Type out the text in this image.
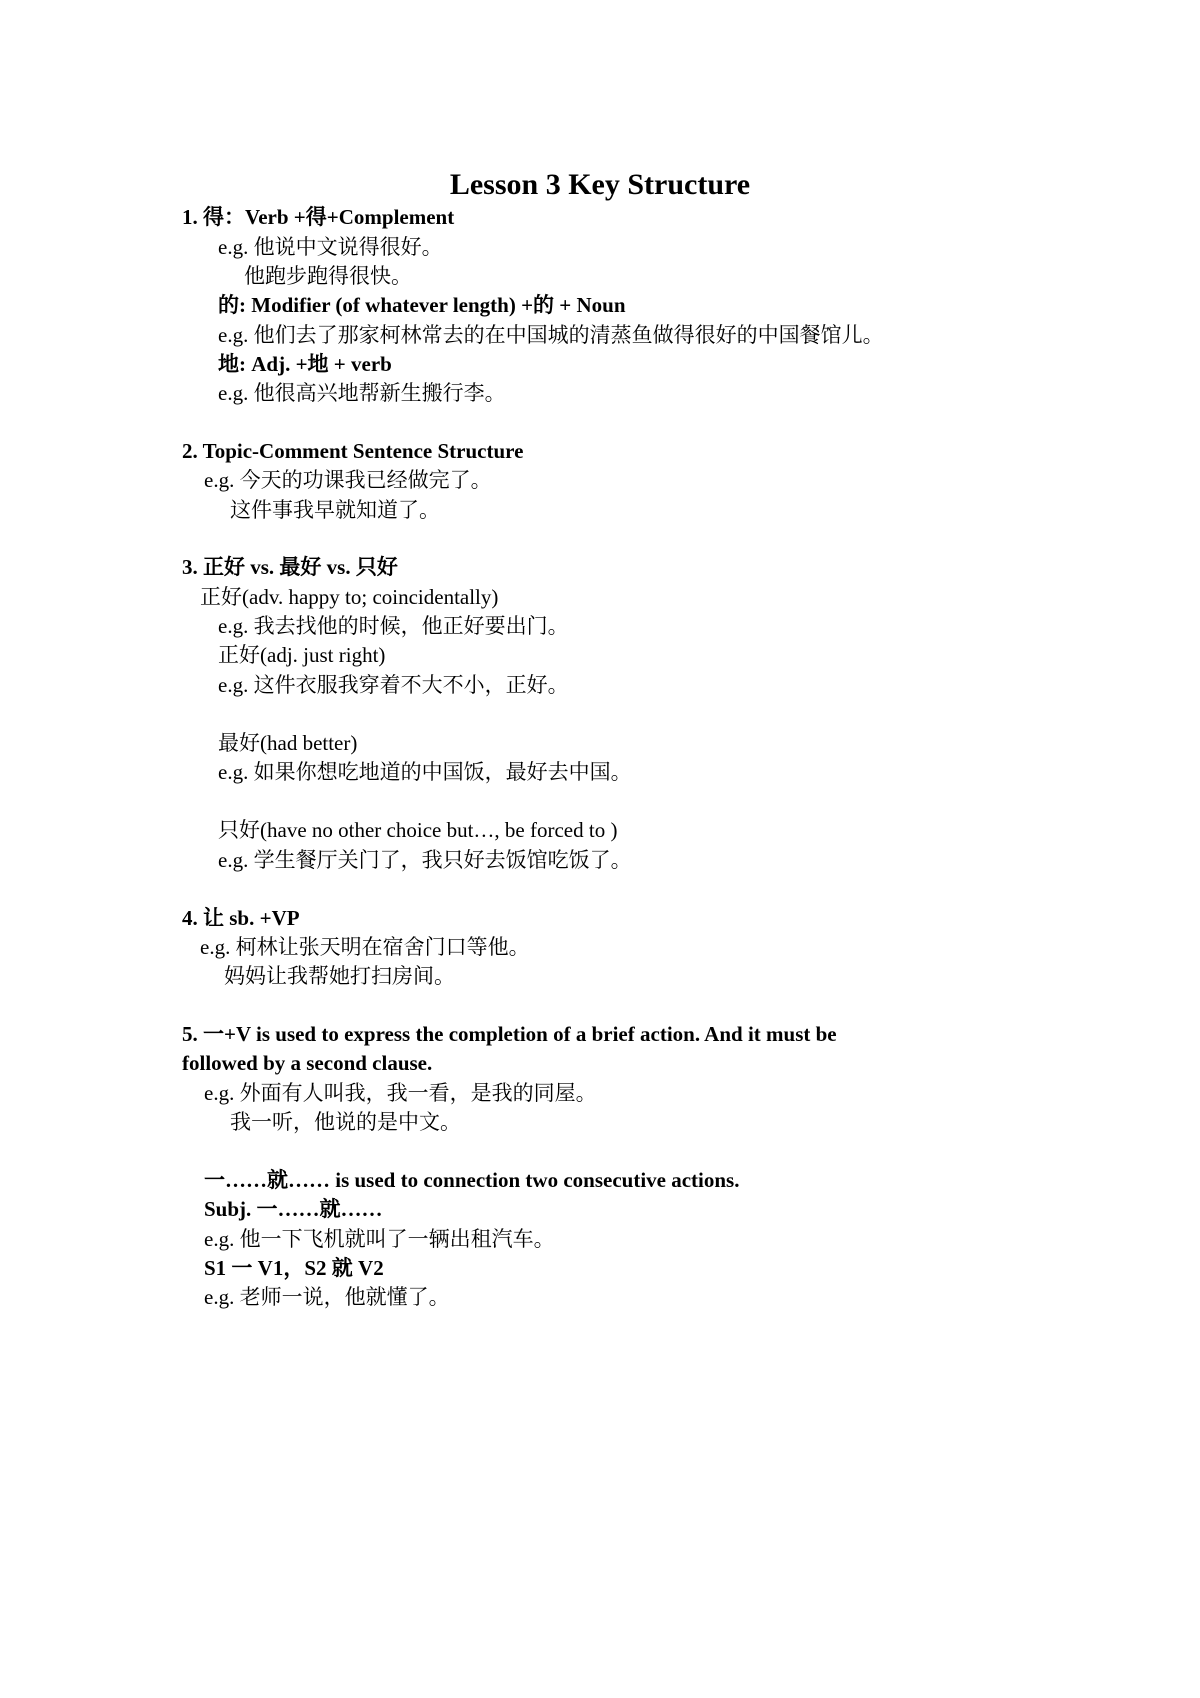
Lesson 3 Key Structure
1. 得：Verb +得+Complement
e.g. 他说中文说得很好。
他跑步跑得很快。
的: Modifier (of whatever length) +的 + Noun
e.g. 他们去了那家柯林常去的在中国城的清蒸鱼做得很好的中国餐馆儿。
地: Adj. +地 + verb
e.g. 他很高兴地帮新生搬行李。
2. Topic-Comment Sentence Structure
e.g. 今天的功课我已经做完了。
这件事我早就知道了。
3. 正好 vs. 最好 vs. 只好
正好(adv. happy to; coincidentally)
e.g. 我去找他的时候，他正好要出门。
正好(adj. just right)
e.g. 这件衣服我穿着不大不小，正好。
最好(had better)
e.g. 如果你想吃地道的中国饭，最好去中国。
只好(have no other choice but…, be forced to )
e.g. 学生餐厅关门了，我只好去饭馆吃饭了。
4. 让 sb. +VP
e.g. 柯林让张天明在宿舍门口等他。
妈妈让我帮她打扫房间。
5. 一+V is used to express the completion of a brief action. And it must be
followed by a second clause.
e.g. 外面有人叫我，我一看，是我的同屋。
我一听，他说的是中文。
一……就…… is used to connection two consecutive actions.
Subj. 一……就……
e.g. 他一下飞机就叫了一辆出租汽车。
S1 一 V1，S2 就 V2
e.g. 老师一说，他就懂了。
